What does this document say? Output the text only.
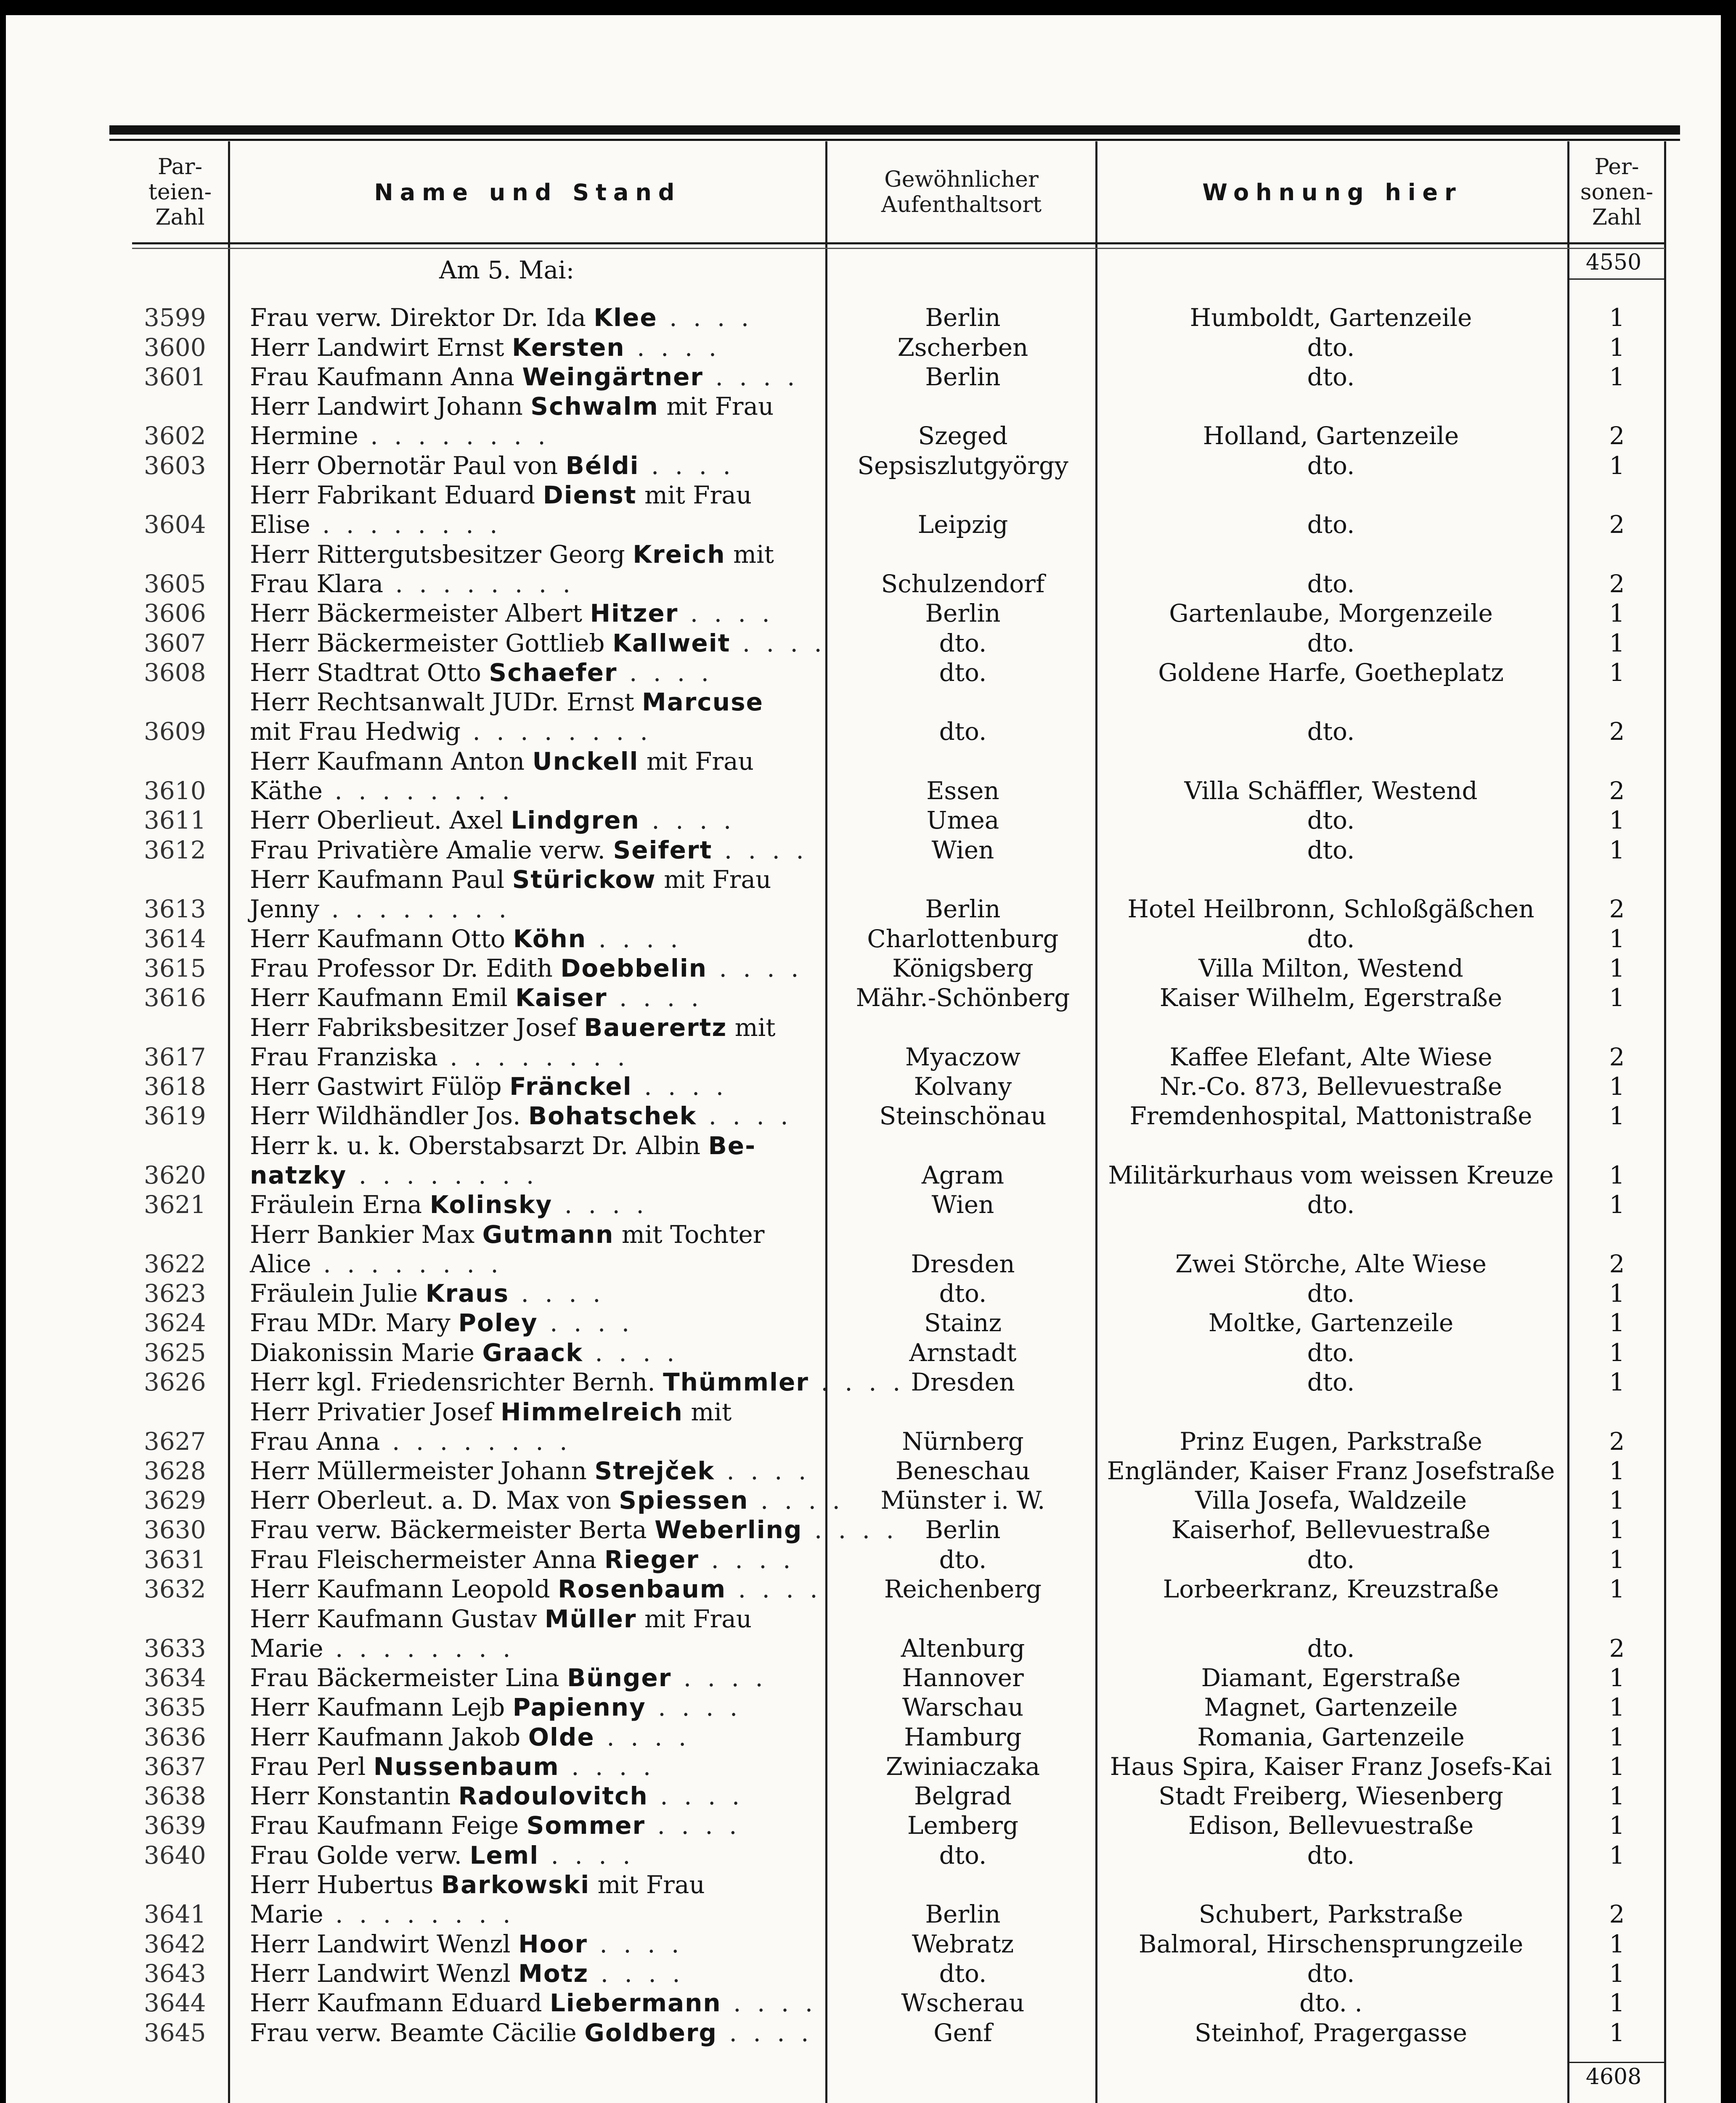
Par-
teien-
Zahl
Name und Stand	Gewöhnlicher
Aufenthaltsort	Wohnung hier
Per-
sonen-
Zahl
4550
Am 5. Mai:
3599	Frau verw. Direktor Dr. Ida Klee . . . .	Berlin	Humboldt, Gartenzeile	1
3600	Herr Landwirt Ernst Kersten . . . .	Zscherben	dto.	1
3601	Frau Kaufmann Anna Weingärtner . . . .	Berlin	dto.	1
3602
Herr Landwirt Johann Schwalm mit Frau
Hermine . . . . . . . .	Szeged	Holland, Gartenzeile	2
3603	Herr Obernotär Paul von Béldi . . . .	Sepsiszlutgyörgy	dto.	1
3604
Herr Fabrikant Eduard Dienst mit Frau
Elise . . . . . . . .	Leipzig	dto.	2
3605
Herr Rittergutsbesitzer Georg Kreich mit
Frau Klara . . . . . . . .	Schulzendorf	dto.	2
3606	Herr Bäckermeister Albert Hitzer . . . .	Berlin	Gartenlaube, Morgenzeile	1
3607	Herr Bäckermeister Gottlieb Kallweit . . . .	dto.	dto.	1
3608	Herr Stadtrat Otto Schaefer . . . .	dto.	Goldene Harfe, Goetheplatz	1
3609
Herr Rechtsanwalt JUDr. Ernst Marcuse
mit Frau Hedwig . . . . . . . .	dto.	dto.	2
3610
Herr Kaufmann Anton Unckell mit Frau
Käthe . . . . . . . .	Essen	Villa Schäffler, Westend	2
3611	Herr Oberlieut. Axel Lindgren . . . .	Umea	dto.	1
3612	Frau Privatière Amalie verw. Seifert . . . .	Wien	dto.	1
3613
Herr Kaufmann Paul Stürickow mit Frau
Jenny . . . . . . . .	Berlin	Hotel Heilbronn, Schloßgäßchen	2
3614	Herr Kaufmann Otto Köhn . . . .	Charlottenburg	dto.	1
3615	Frau Professor Dr. Edith Doebbelin . . . .	Königsberg	Villa Milton, Westend	1
3616	Herr Kaufmann Emil Kaiser . . . .	Mähr.-Schönberg	Kaiser Wilhelm, Egerstraße	1
3617
Herr Fabriksbesitzer Josef Bauerertz mit
Frau Franziska . . . . . . . .	Myaczow	Kaffee Elefant, Alte Wiese	2
3618	Herr Gastwirt Fülöp Fränckel . . . .	Kolvany	Nr.-Co. 873, Bellevuestraße	1
3619	Herr Wildhändler Jos. Bohatschek . . . .	Steinschönau	Fremdenhospital, Mattonistraße	1
3620
Herr k. u. k. Oberstabsarzt Dr. Albin Be-
natzky . . . . . . . .	Agram	Militärkurhaus vom weissen Kreuze	1
3621	Fräulein Erna Kolinsky . . . .	Wien	dto.	1
3622
Herr Bankier Max Gutmann mit Tochter
Alice . . . . . . . .	Dresden	Zwei Störche, Alte Wiese	2
3623	Fräulein Julie Kraus . . . .	dto.	dto.	1
3624	Frau MDr. Mary Poley . . . .	Stainz	Moltke, Gartenzeile	1
3625	Diakonissin Marie Graack . . . .	Arnstadt	dto.	1
3626	Herr kgl. Friedensrichter Bernh. Thümmler . . . . Dresden	dto.	1
3627
Herr Privatier Josef Himmelreich mit
Frau Anna . . . . . . . .	Nürnberg	Prinz Eugen, Parkstraße	2
3628	Herr Müllermeister Johann Strejček . . . .	Beneschau	Engländer, Kaiser Franz Josefstraße	1
3629	Herr Oberleut. a. D. Max von Spiessen . . . .	Münster i. W.	Villa Josefa, Waldzeile	1
3630	Frau verw. Bäckermeister Berta Weberling . . . .	Berlin	Kaiserhof, Bellevuestraße	1
3631	Frau Fleischermeister Anna Rieger . . . .	dto.	dto.	1
3632	Herr Kaufmann Leopold Rosenbaum . . . .	Reichenberg	Lorbeerkranz, Kreuzstraße	1
3633
Herr Kaufmann Gustav Müller mit Frau
Marie . . . . . . . .	Altenburg	dto.	2
3634	Frau Bäckermeister Lina Bünger . . . .	Hannover	Diamant, Egerstraße	1
3635	Herr Kaufmann Lejb Papienny . . . .	Warschau	Magnet, Gartenzeile	1
3636	Herr Kaufmann Jakob Olde . . . .	Hamburg	Romania, Gartenzeile	1
3637	Frau Perl Nussenbaum . . . .	Zwiniaczaka	Haus Spira, Kaiser Franz Josefs-Kai	1
3638	Herr Konstantin Radoulovitch . . . .	Belgrad	Stadt Freiberg, Wiesenberg	1
3639	Frau Kaufmann Feige Sommer . . . .	Lemberg	Edison, Bellevuestraße	1
3640	Frau Golde verw. Leml . . . .	dto.	dto.	1
3641
Herr Hubertus Barkowski mit Frau
Marie . . . . . . . .	Berlin	Schubert, Parkstraße	2
3642	Herr Landwirt Wenzl Hoor . . . .	Webratz	Balmoral, Hirschensprungzeile	1
3643	Herr Landwirt Wenzl Motz . . . .	dto.	dto.	1
3644	Herr Kaufmann Eduard Liebermann . . . .	Wscherau	dto. .	1
3645	Frau verw. Beamte Cäcilie Goldberg . . . .	Genf	Steinhof, Pragergasse	1
4608
